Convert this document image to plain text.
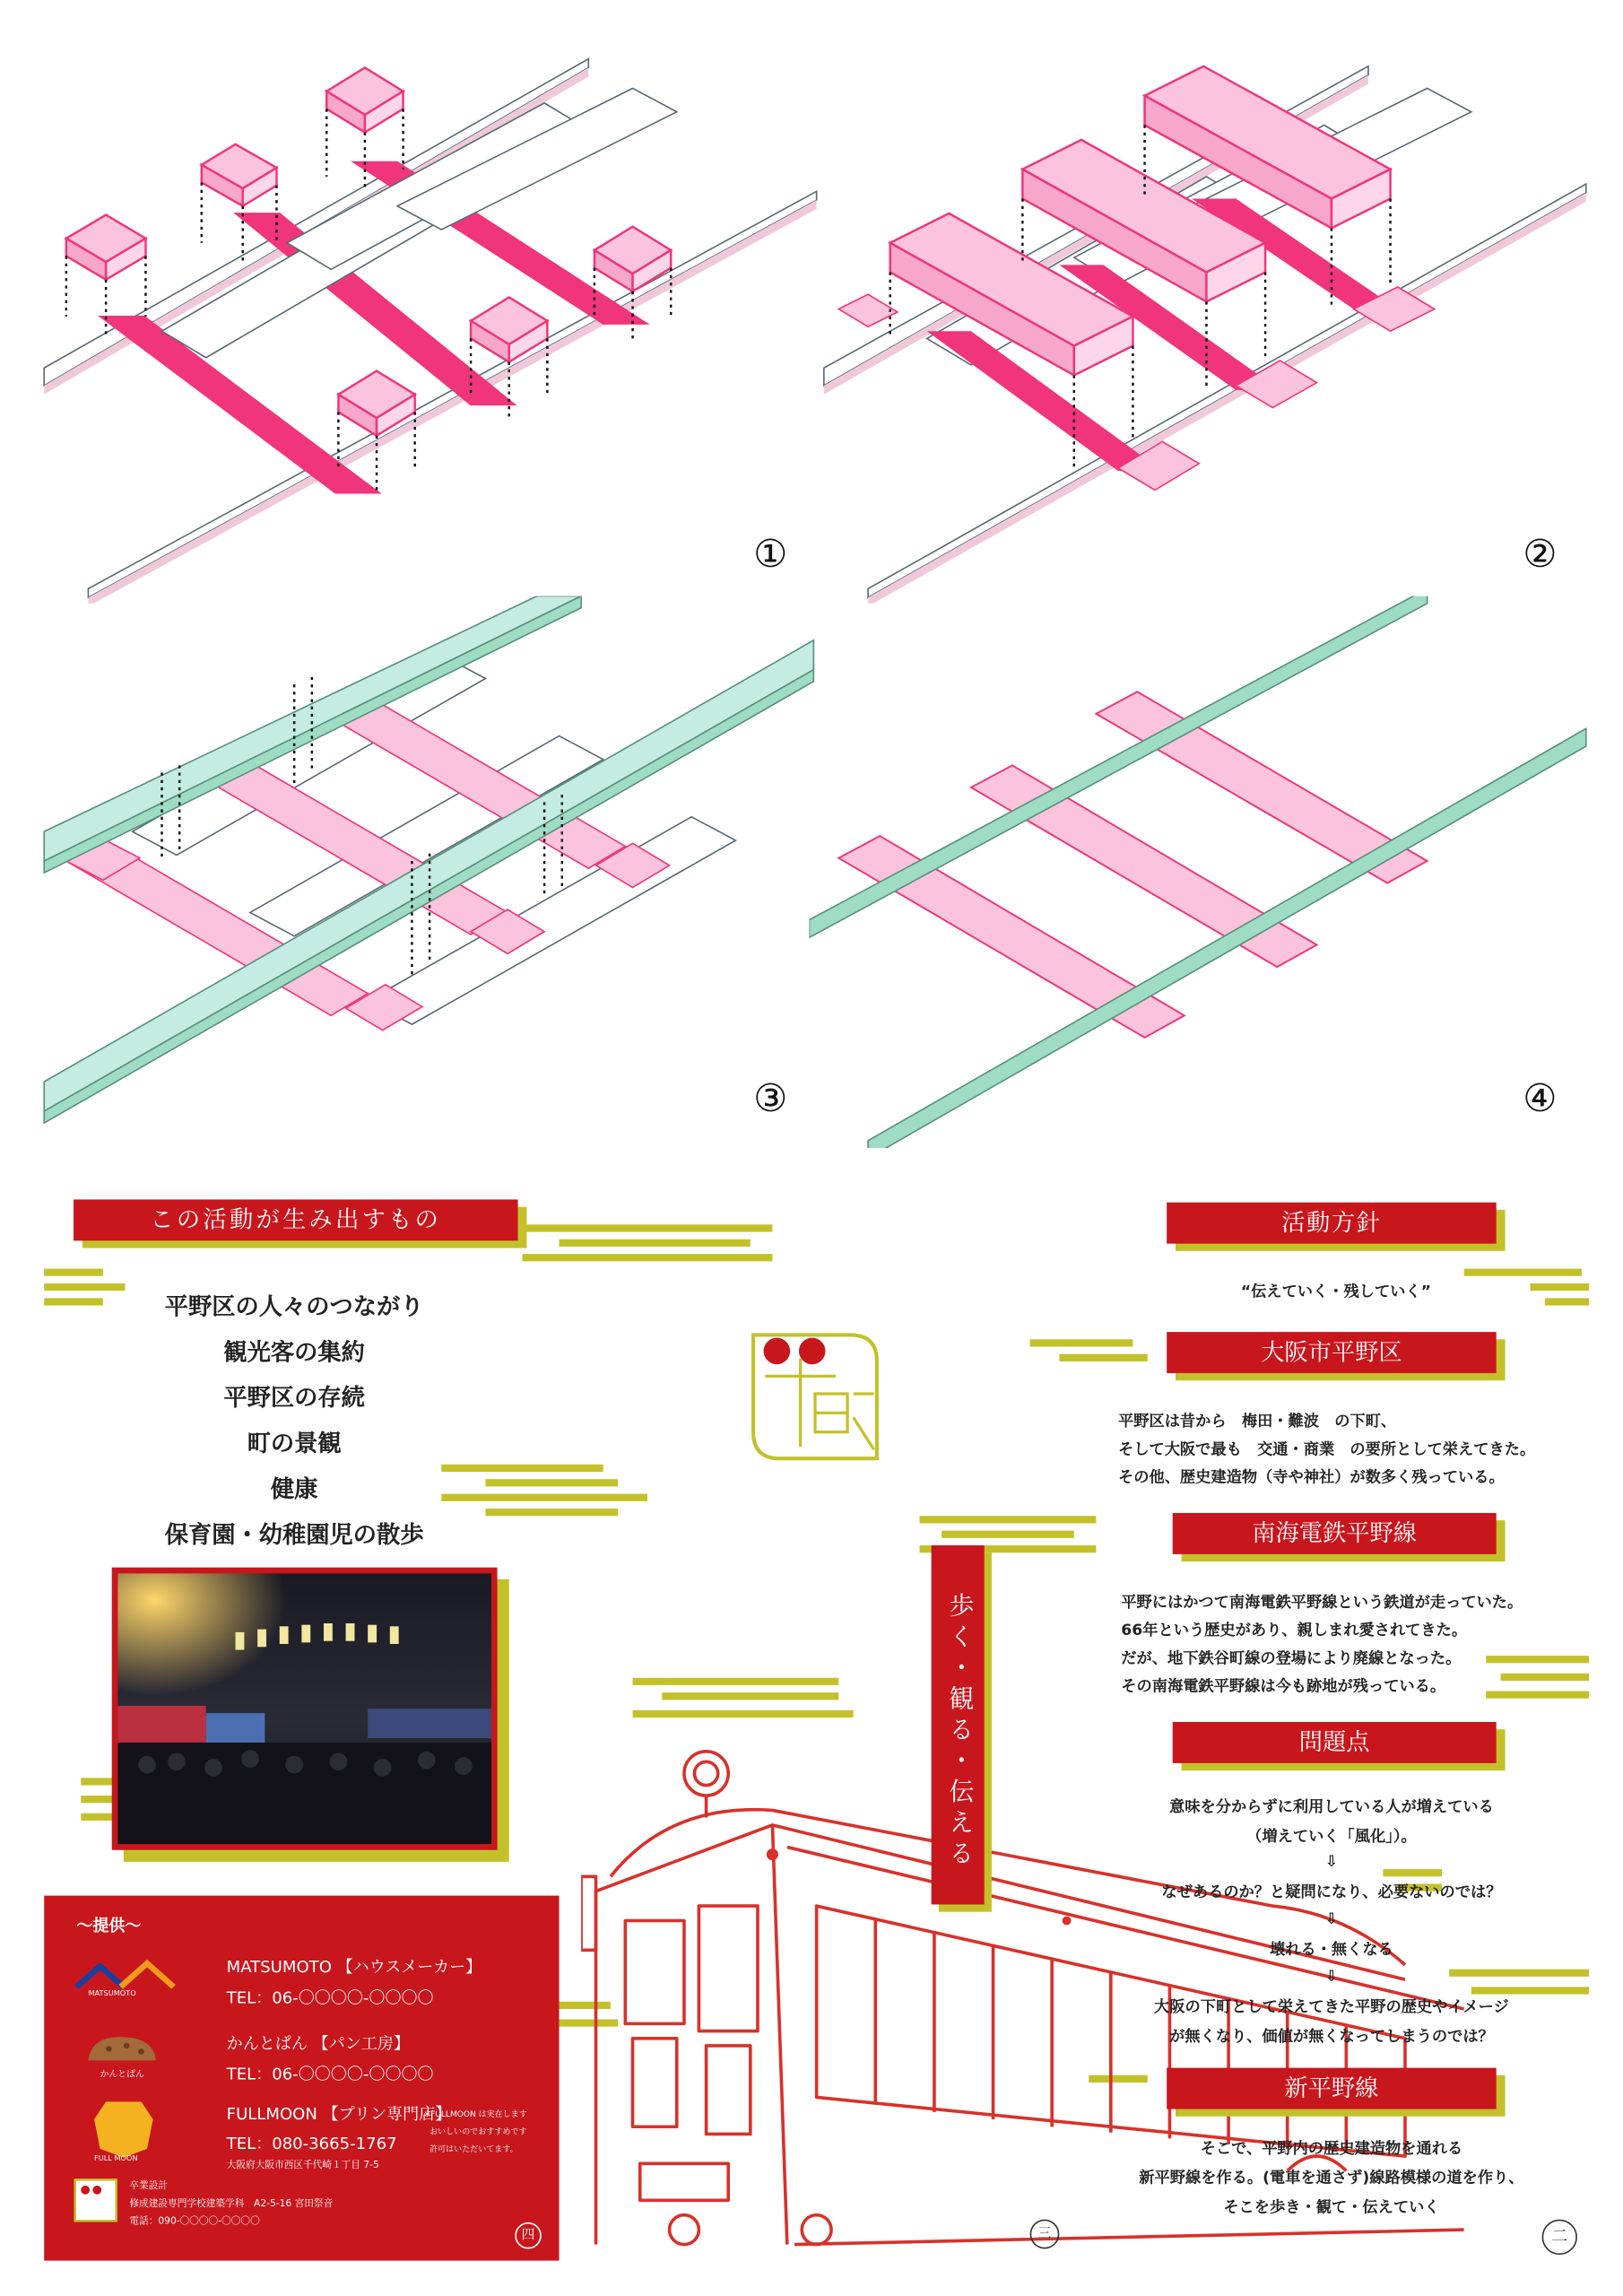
①	②
③	④
この活動が生み出すもの
平野区の人々のつながり
観光客の集約
平野区の存続
町の景観
健康
保育園・幼稚園児の散歩
～提供～
MATSUMOTO
MATSUMOTO 【ハウスメーカー】
TEL：06-〇〇〇〇-〇〇〇〇
かんとぱん
かんとぱん 【パン工房】
TEL：06-〇〇〇〇-〇〇〇〇
FULL MOON
FULLMOON 【プリン専門店】
TEL：080-3665-1767
大阪府大阪市西区千代崎１丁目 7-5
※FULLMOON は実在します
おいしいのでおすすめです
許可はいただいてます。
卒業設計
修成建設専門学校建築学科　A2-5-16 宮田祭音
電話：090-〇〇〇〇-〇〇〇〇
四
歩く・観る・伝える
活動方針
“伝えていく・残していく”
大阪市平野区
平野区は昔から　梅田・難波　の下町、
そして大阪で最も　交通・商業　の要所として栄えてきた。
その他、歴史建造物（寺や神社）が数多く残っている。
南海電鉄平野線
平野にはかつて南海電鉄平野線という鉄道が走っていた。
66年という歴史があり、親しまれ愛されてきた。
だが、地下鉄谷町線の登場により廃線となった。
その南海電鉄平野線は今も跡地が残っている。
問題点
意味を分からずに利用している人が増えている
（増えていく「風化」）。
⇩
なぜあるのか？と疑問になり、必要ないのでは？
⇩
壊れる・無くなる
⇩
大阪の下町として栄えてきた平野の歴史やイメージ
が無くなり、価値が無くなってしまうのでは？
新平野線
そこで、平野内の歴史建造物を通れる
新平野線を作る。(電車を通さず)線路模様の道を作り、
そこを歩き・観て・伝えていく
三	二
